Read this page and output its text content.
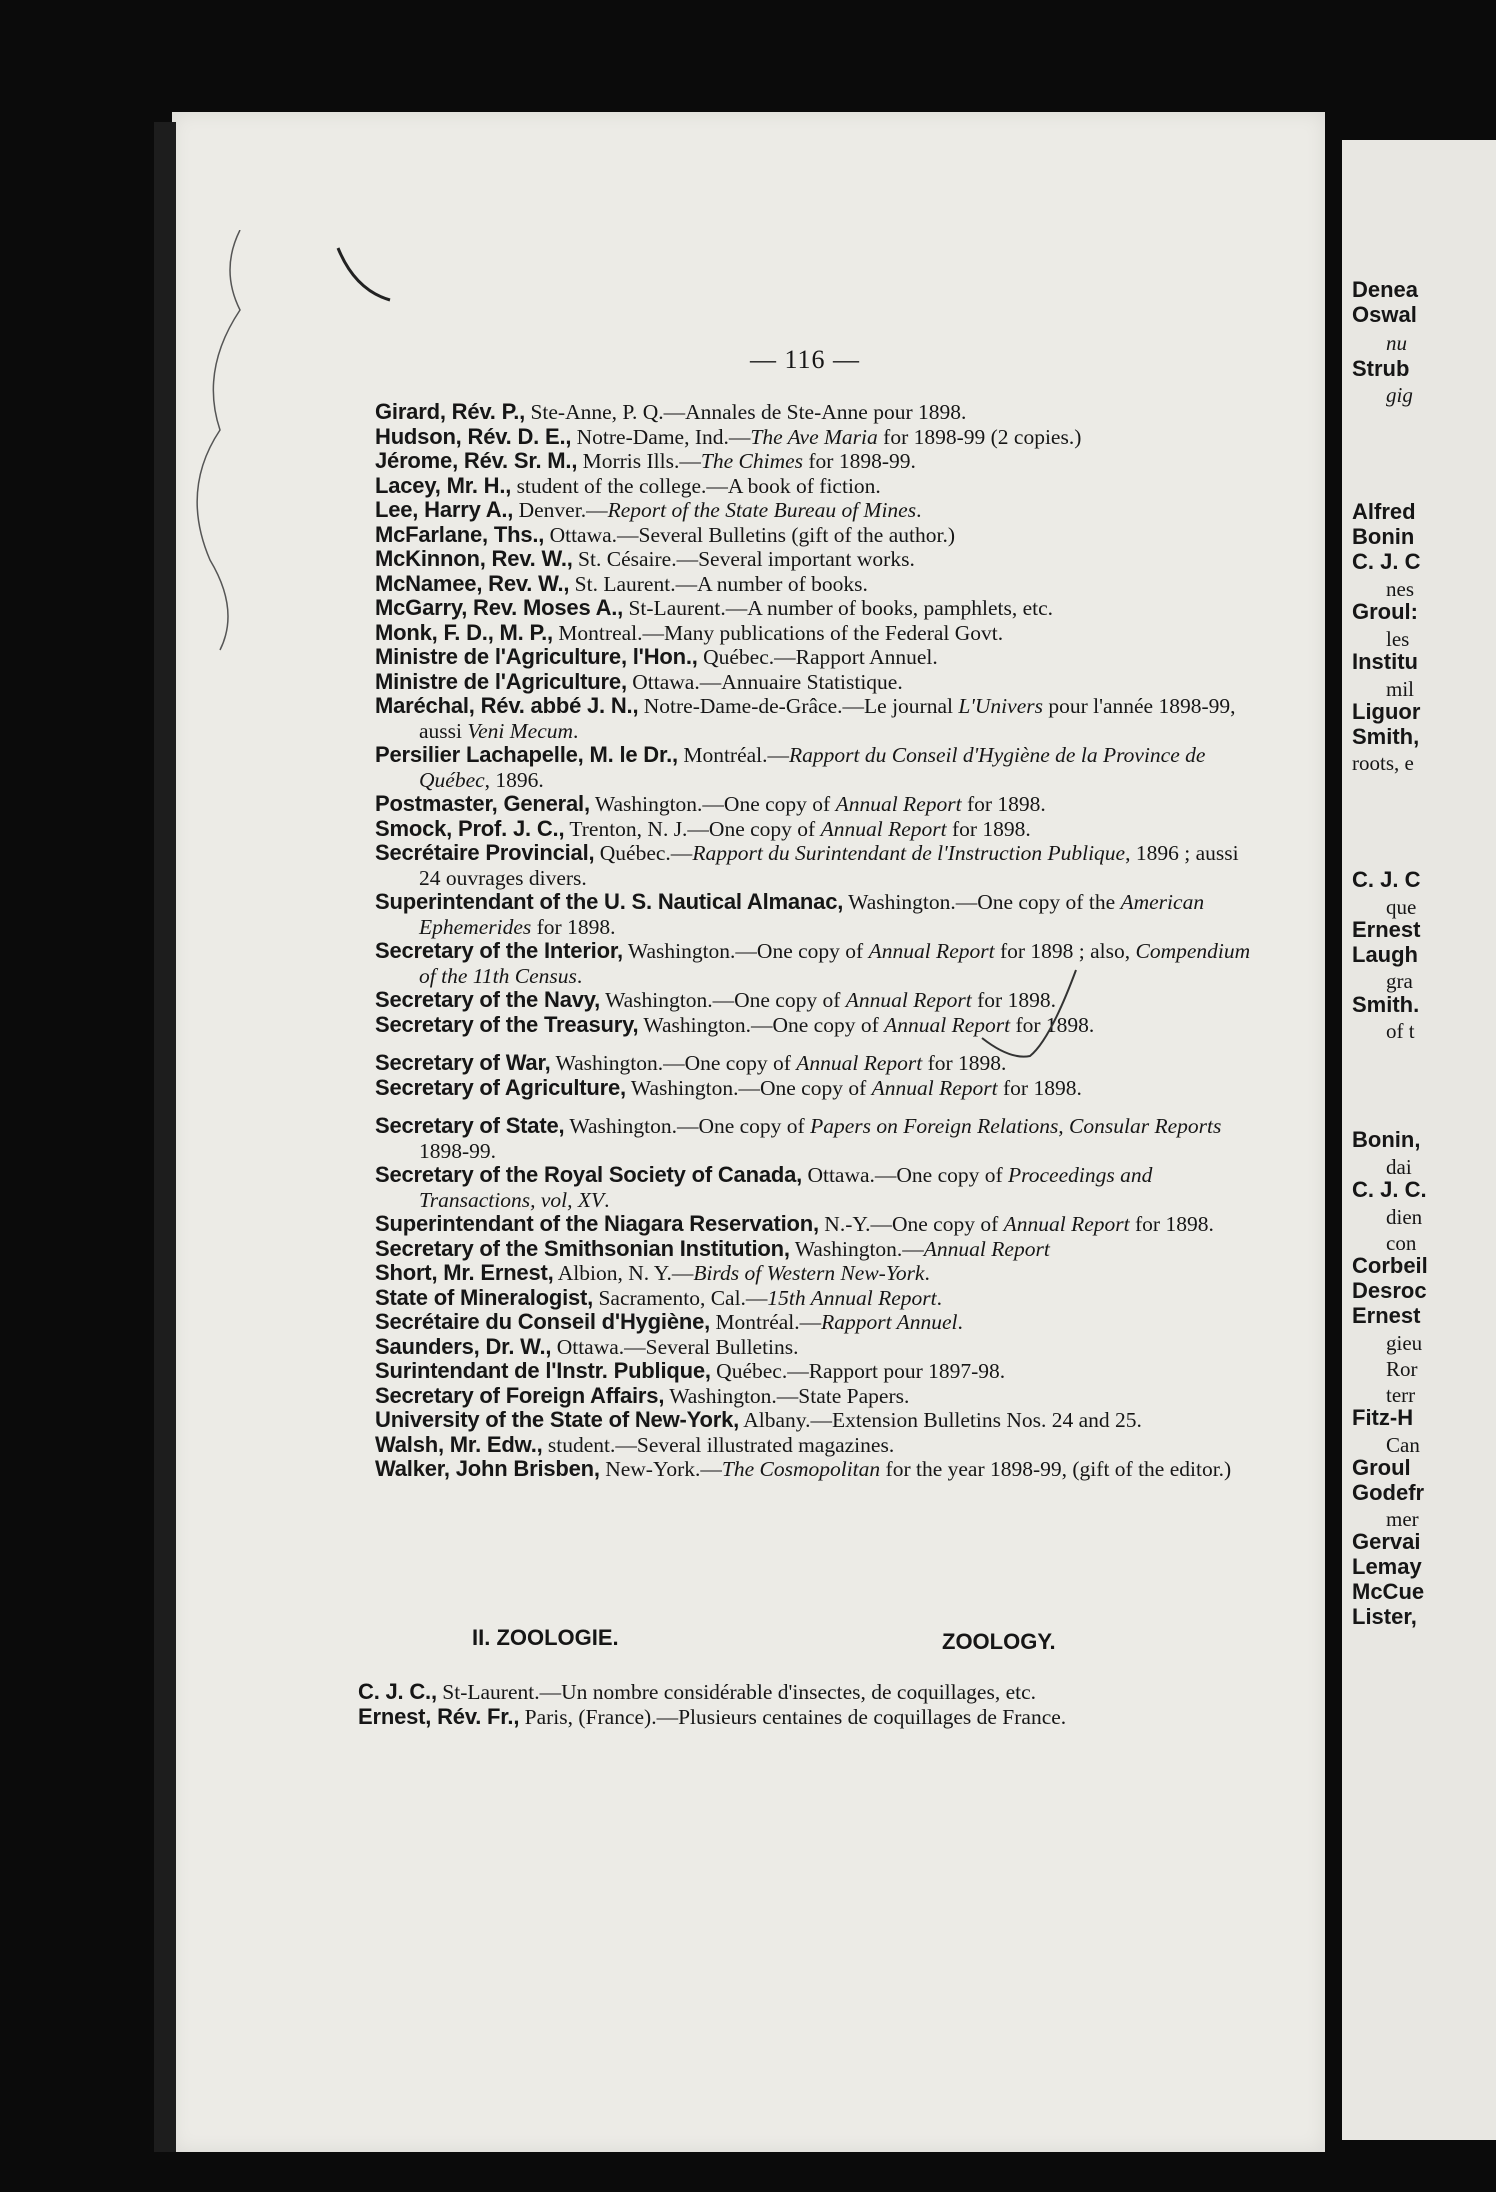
Denea
Oswal
nu
Strub
gig
Alfred
Bonin
C. J. C
nes
Groul:
les
Institu
mil
Liguor
Smith,
roots, e
C. J. C
que
Ernest
Laugh
gra
Smith.
of t
Bonin,
dai
C. J. C.
dien
con
Corbeil
Desroc
Ernest
gieu
Ror
terr
Fitz-H
Can
Groul
Godefr
mer
Gervai
Lemay
McCue
Lister,
— 116 —
Girard, Rév. P., Ste-Anne, P. Q.—Annales de Ste-Anne pour 1898.
Hudson, Rév. D. E., Notre-Dame, Ind.—The Ave Maria for 1898-99 (2 copies.)
Jérome, Rév. Sr. M., Morris Ills.—The Chimes for 1898-99.
Lacey, Mr. H., student of the college.—A book of fiction.
Lee, Harry A., Denver.—Report of the State Bureau of Mines.
McFarlane, Ths., Ottawa.—Several Bulletins (gift of the author.)
McKinnon, Rev. W., St. Césaire.—Several important works.
McNamee, Rev. W., St. Laurent.—A number of books.
McGarry, Rev. Moses A., St-Laurent.—A number of books, pamphlets, etc.
Monk, F. D., M. P., Montreal.—Many publications of the Federal Govt.
Ministre de l'Agriculture, l'Hon., Québec.—Rapport Annuel.
Ministre de l'Agriculture, Ottawa.—Annuaire Statistique.
Maréchal, Rév. abbé J. N., Notre-Dame-de-Grâce.—Le journal L'Univers pour l'année 1898-99, aussi Veni Mecum.
Persilier Lachapelle, M. le Dr., Montréal.—Rapport du Conseil d'Hygiène de la Province de Québec, 1896.
Postmaster, General, Washington.—One copy of Annual Report for 1898.
Smock, Prof. J. C., Trenton, N. J.—One copy of Annual Report for 1898.
Secrétaire Provincial, Québec.—Rapport du Surintendant de l'Instruction Publique, 1896 ; aussi 24 ouvrages divers.
Superintendant of the U. S. Nautical Almanac, Washington.—One copy of the American Ephemerides for 1898.
Secretary of the Interior, Washington.—One copy of Annual Report for 1898 ; also, Compendium of the 11th Census.
Secretary of the Navy, Washington.—One copy of Annual Report for 1898.
Secretary of the Treasury, Washington.—One copy of Annual Report for 1898.
Secretary of War, Washington.—One copy of Annual Report for 1898.
Secretary of Agriculture, Washington.—One copy of Annual Report for 1898.
Secretary of State, Washington.—One copy of Papers on Foreign Relations, Consular Reports 1898-99.
Secretary of the Royal Society of Canada, Ottawa.—One copy of Proceedings and Transactions, vol, XV.
Superintendant of the Niagara Reservation, N.-Y.—One copy of Annual Report for 1898.
Secretary of the Smithsonian Institution, Washington.—Annual Report
Short, Mr. Ernest, Albion, N. Y.—Birds of Western New-York.
State of Mineralogist, Sacramento, Cal.—15th Annual Report.
Secrétaire du Conseil d'Hygiène, Montréal.—Rapport Annuel.
Saunders, Dr. W., Ottawa.—Several Bulletins.
Surintendant de l'Instr. Publique, Québec.—Rapport pour 1897-98.
Secretary of Foreign Affairs, Washington.—State Papers.
University of the State of New-York, Albany.—Extension Bulletins Nos. 24 and 25.
Walsh, Mr. Edw., student.—Several illustrated magazines.
Walker, John Brisben, New-York.—The Cosmopolitan for the year 1898-99, (gift of the editor.)
II. ZOOLOGIE.	ZOOLOGY.
C. J. C., St-Laurent.—Un nombre considérable d'insectes, de coquillages, etc.
Ernest, Rév. Fr., Paris, (France).—Plusieurs centaines de coquillages de France.
